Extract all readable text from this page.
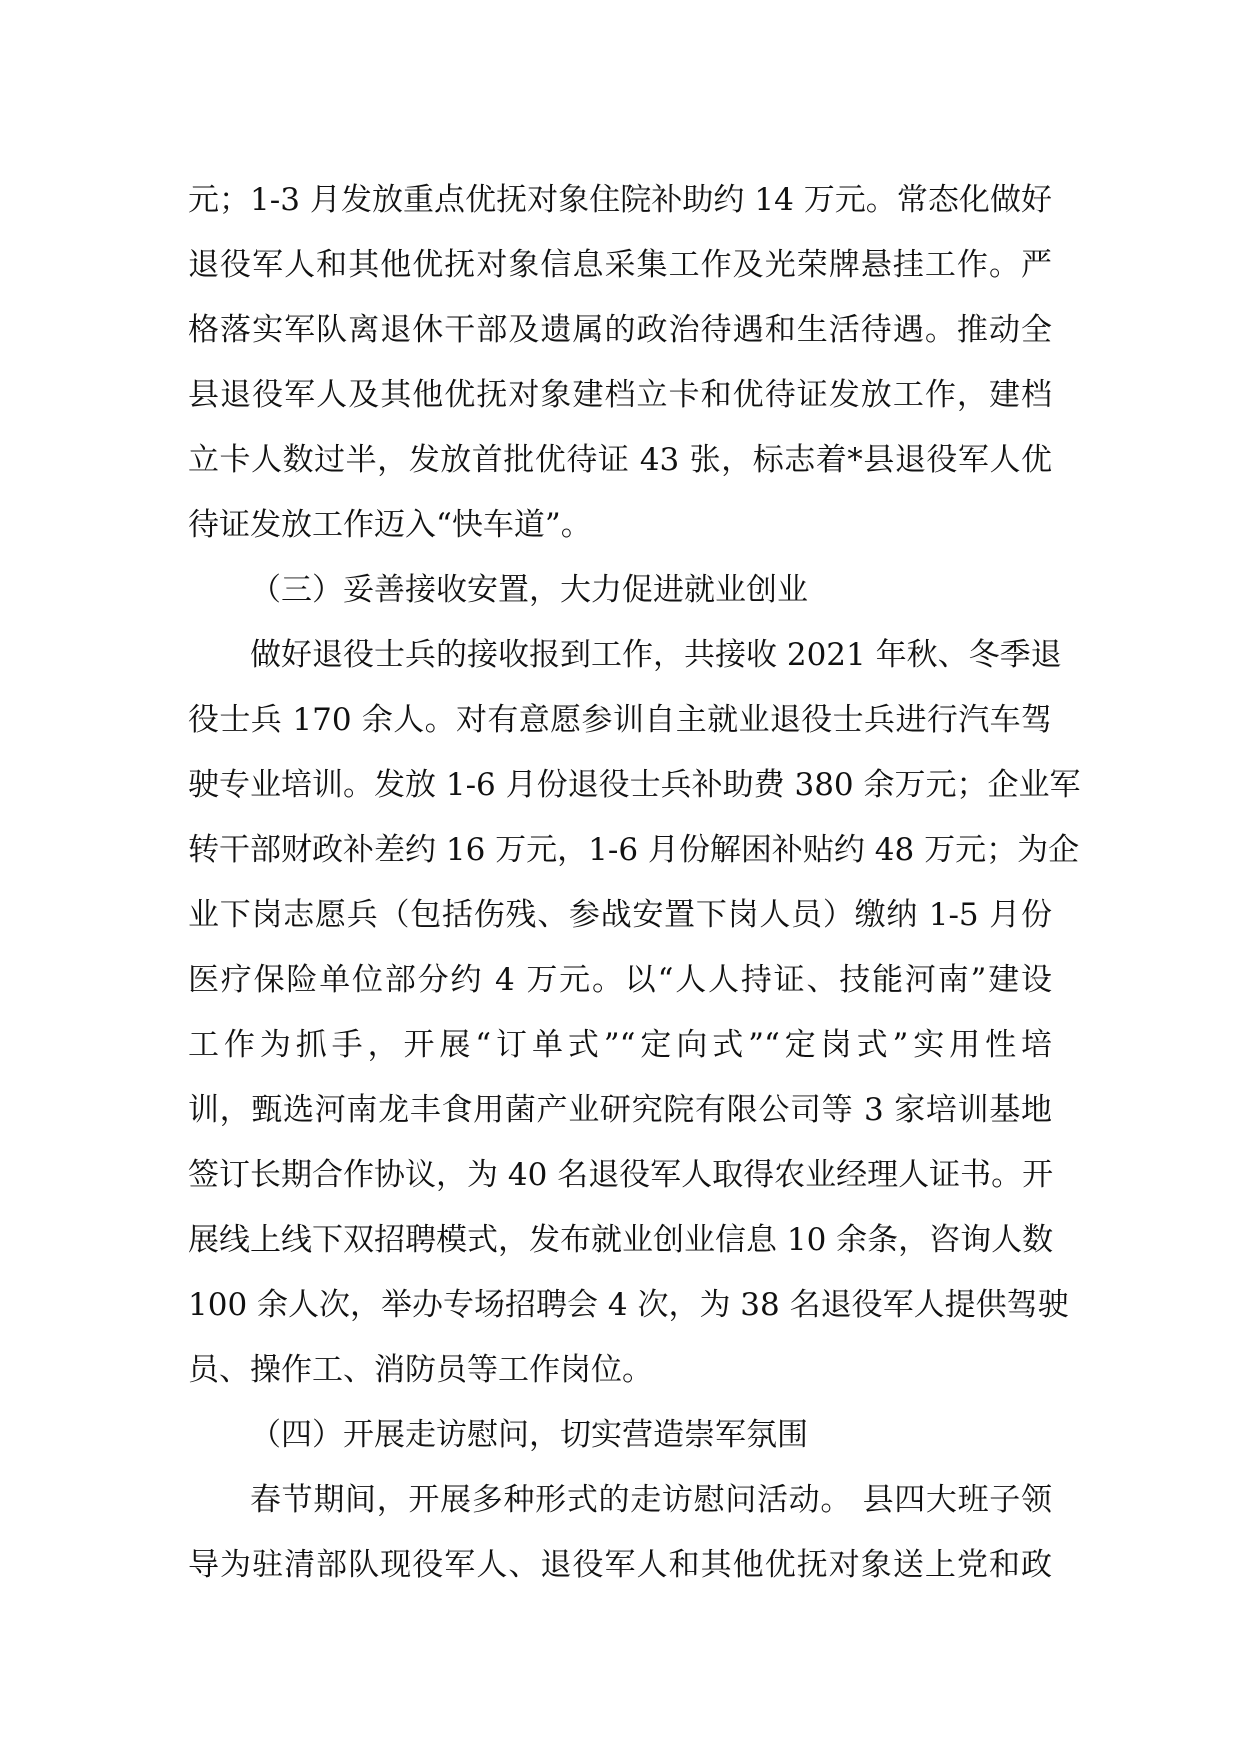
元；1-3 月发放重点优抚对象住院补助约 14 万元。常态化做好
退役军人和其他优抚对象信息采集工作及光荣牌悬挂工作。严
格落实军队离退休干部及遗属的政治待遇和生活待遇。推动全
县退役军人及其他优抚对象建档立卡和优待证发放工作，建档
立卡人数过半，发放首批优待证 43 张，标志着*县退役军人优
待证发放工作迈入“快车道”。
（三）妥善接收安置，大力促进就业创业
做好退役士兵的接收报到工作，共接收 2021 年秋、冬季退
役士兵 170 余人。对有意愿参训自主就业退役士兵进行汽车驾
驶专业培训。发放 1-6 月份退役士兵补助费 380 余万元；企业军
转干部财政补差约 16 万元，1-6 月份解困补贴约 48 万元；为企
业下岗志愿兵（包括伤残、参战安置下岗人员）缴纳 1-5 月份
医疗保险单位部分约 4 万元。以“人人持证、技能河南”建设
工作为抓手，开展“订单式”“定向式”“定岗式”实用性培
训，甄选河南龙丰食用菌产业研究院有限公司等 3 家培训基地
签订长期合作协议，为 40 名退役军人取得农业经理人证书。开
展线上线下双招聘模式，发布就业创业信息 10 余条，咨询人数
100 余人次，举办专场招聘会 4 次，为 38 名退役军人提供驾驶
员、操作工、消防员等工作岗位。
（四）开展走访慰问，切实营造崇军氛围
春节期间，开展多种形式的走访慰问活动。 县四大班子领
导为驻清部队现役军人、退役军人和其他优抚对象送上党和政
